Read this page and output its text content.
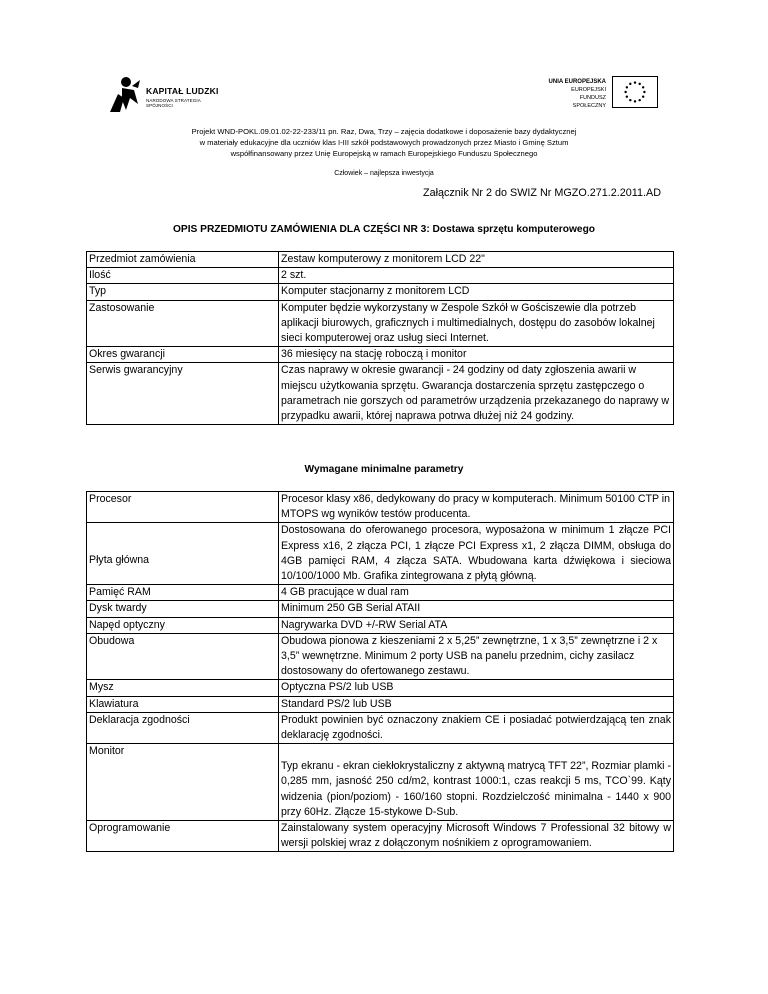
KAPITAŁ LUDZKI
NARODOWA STRATEGIA SPÓJNOŚCI
UNIA EUROPEJSKA
EUROPEJSKI
FUNDUSZ SPOŁECZNY
Projekt WND-POKL.09.01.02-22-233/11 pn. Raz, Dwa, Trzy – zajęcia dodatkowe i doposażenie bazy dydaktycznej
w materiały edukacyjne dla uczniów klas I-III szkół podstawowych prowadzonych przez Miasto i Gminę Sztum
współfinansowany przez Unię Europejską w ramach Europejskiego Funduszu Społecznego
Człowiek – najlepsza inwestycja
Załącznik Nr 2 do SWIZ Nr MGZO.271.2.2011.AD
OPIS PRZEDMIOTU ZAMÓWIENIA DLA CZĘŚCI NR 3: Dostawa sprzętu komputerowego
Przedmiot zamówienia	Zestaw komputerowy z monitorem LCD 22"
Ilość	2 szt.
Typ	Komputer stacjonarny z monitorem LCD
Zastosowanie	Komputer będzie wykorzystany w Zespole Szkół w Gościszewie dla potrzeb aplikacji biurowych, graficznych i multimedialnych, dostępu do zasobów lokalnej sieci komputerowej oraz usług sieci Internet.
Okres gwarancji	36 miesięcy na stację roboczą i monitor
Serwis gwarancyjny	Czas naprawy w okresie gwarancji - 24 godziny od daty zgłoszenia awarii w miejscu użytkowania sprzętu. Gwarancja dostarczenia sprzętu zastępczego o parametrach nie gorszych od parametrów urządzenia przekazanego do naprawy w przypadku awarii, której naprawa potrwa dłużej niż 24 godziny.
Wymagane minimalne parametry
Procesor	Procesor klasy x86, dedykowany do pracy w komputerach. Minimum 50100 CTP in MTOPS wg wyników testów producenta.
Płyta główna	Dostosowana do oferowanego procesora, wyposażona w minimum 1 złącze PCI Express x16, 2 złącza PCI, 1 złącze PCI Express x1, 2 złącza DIMM, obsługa do 4GB pamięci RAM, 4 złącza SATA. Wbudowana karta dźwiękowa i sieciowa 10/100/1000 Mb. Grafika zintegrowana z płytą główną.
Pamięć RAM	4 GB pracujące w dual ram
Dysk twardy	Minimum 250 GB Serial ATAII
Napęd optyczny	Nagrywarka DVD +/-RW Serial ATA
Obudowa	Obudowa pionowa z kieszeniami 2 x 5,25” zewnętrzne, 1 x 3,5” zewnętrzne i 2 x 3,5” wewnętrzne. Minimum 2 porty USB na panelu przednim, cichy zasilacz dostosowany do ofertowanego zestawu.
Mysz	Optyczna PS/2 lub USB
Klawiatura	Standard PS/2 lub USB
Deklaracja zgodności	Produkt powinien być oznaczony znakiem CE i posiadać potwierdzającą ten znak deklarację zgodności.
Monitor	Typ ekranu - ekran ciekłokrystaliczny z aktywną matrycą TFT 22”, Rozmiar plamki - 0,285 mm, jasność 250 cd/m2, kontrast 1000:1, czas reakcji 5 ms, TCO`99. Kąty widzenia (pion/poziom) - 160/160 stopni. Rozdzielczość minimalna - 1440 x 900 przy 60Hz. Złącze 15-stykowe D-Sub.
Oprogramowanie	Zainstalowany system operacyjny Microsoft Windows 7 Professional 32 bitowy w wersji polskiej wraz z dołączonym nośnikiem z oprogramowaniem.
